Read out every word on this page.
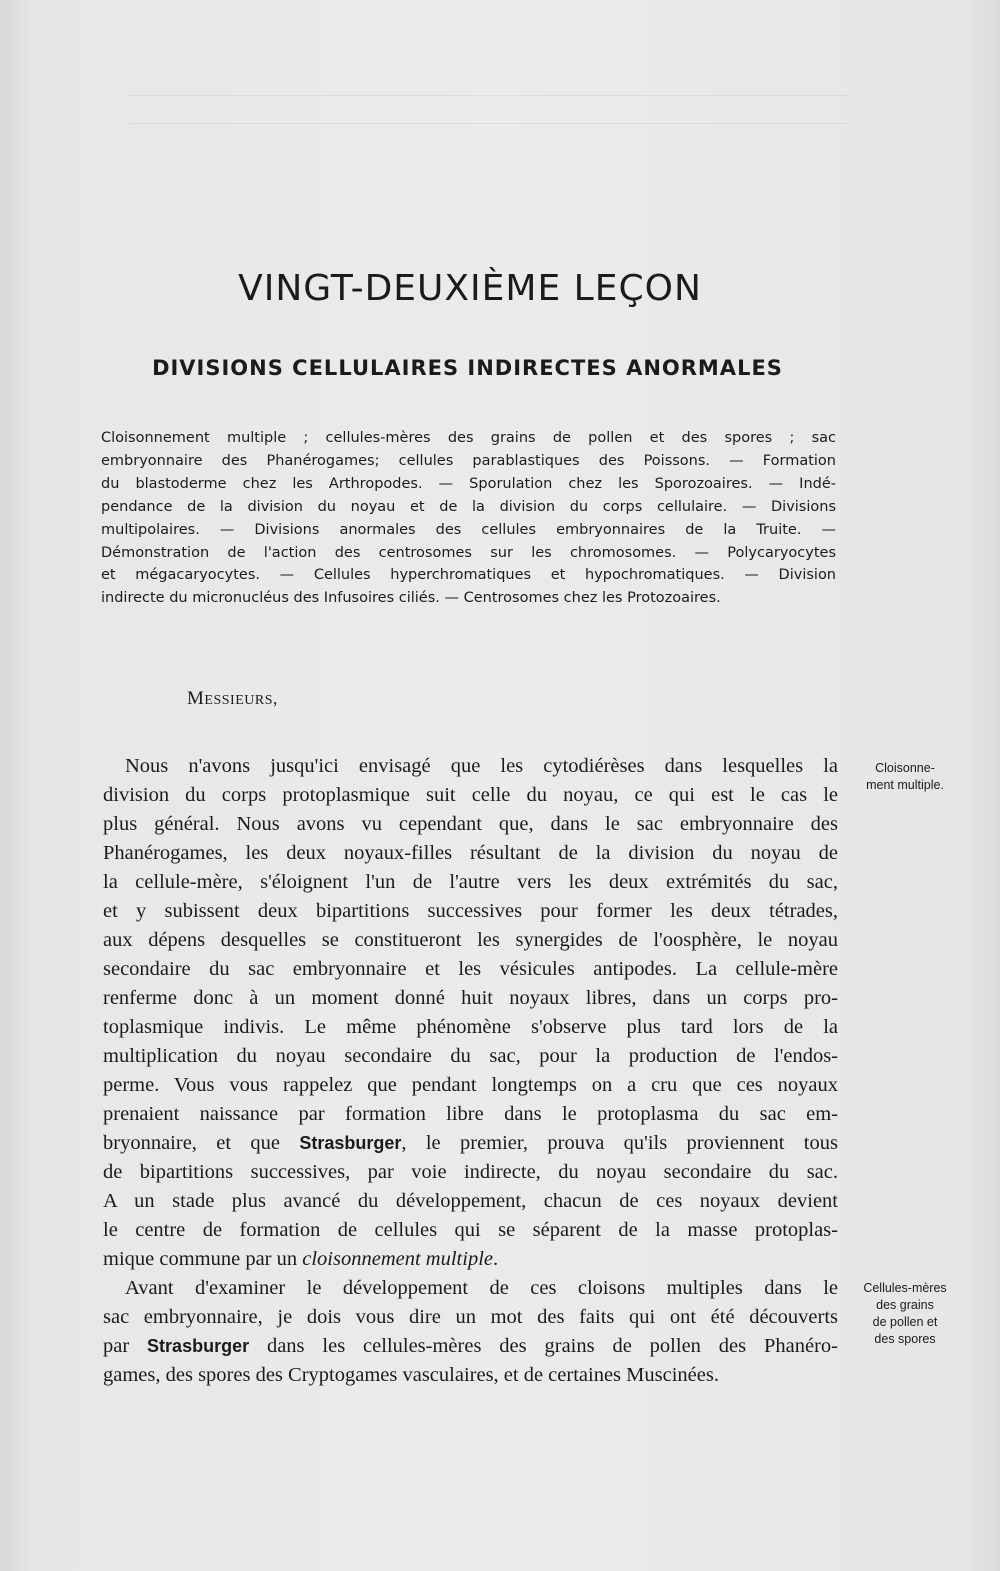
VINGT-DEUXIÈME LEÇON
DIVISIONS CELLULAIRES INDIRECTES ANORMALES
Cloisonnement multiple ; cellules-mères des grains de pollen et des spores ; sac
embryonnaire des Phanérogames; cellules parablastiques des Poissons. — Formation
du blastoderme chez les Arthropodes. — Sporulation chez les Sporozoaires. — Indé-
pendance de la division du noyau et de la division du corps cellulaire. — Divisions
multipolaires. — Divisions anormales des cellules embryonnaires de la Truite. —
Démonstration de l'action des centrosomes sur les chromosomes. — Polycaryocytes
et mégacaryocytes. — Cellules hyperchromatiques et hypochromatiques. — Division
indirecte du micronucléus des Infusoires ciliés. — Centrosomes chez les Protozoaires.

MESSIEURS,

Nous n'avons jusqu'ici envisagé que les cytodiérèses dans lesquelles la
division du corps protoplasmique suit celle du noyau, ce qui est le cas le
plus général. Nous avons vu cependant que, dans le sac embryonnaire des
Phanérogames, les deux noyaux-filles résultant de la division du noyau de
la cellule-mère, s'éloignent l'un de l'autre vers les deux extrémités du sac,
et y subissent deux bipartitions successives pour former les deux tétrades,
aux dépens desquelles se constitueront les synergides de l'oosphère, le noyau
secondaire du sac embryonnaire et les vésicules antipodes. La cellule-mère
renferme donc à un moment donné huit noyaux libres, dans un corps pro-
toplasmique indivis. Le même phénomène s'observe plus tard lors de la
multiplication du noyau secondaire du sac, pour la production de l'endos-
perme. Vous vous rappelez que pendant longtemps on a cru que ces noyaux
prenaient naissance par formation libre dans le protoplasma du sac em-
bryonnaire, et que Strasburger, le premier, prouva qu'ils proviennent tous
de bipartitions successives, par voie indirecte, du noyau secondaire du sac.
A un stade plus avancé du développement, chacun de ces noyaux devient
le centre de formation de cellules qui se séparent de la masse protoplas-
mique commune par un cloisonnement multiple.
Avant d'examiner le développement de ces cloisons multiples dans le
sac embryonnaire, je dois vous dire un mot des faits qui ont été découverts
par Strasburger dans les cellules-mères des grains de pollen des Phanéro-
games, des spores des Cryptogames vasculaires, et de certaines Muscinées.
Cloisonne-
ment multiple.
Cellules-mères
des grains
de pollen et
des spores
